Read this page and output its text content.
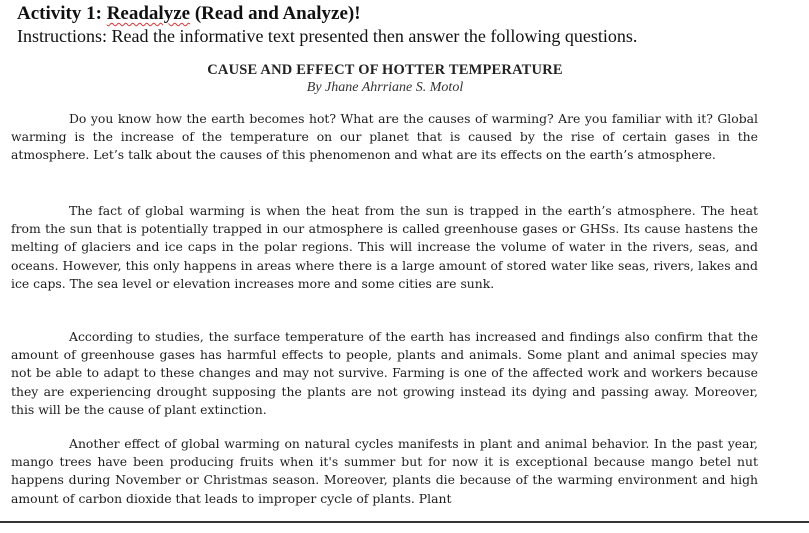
Activity 1: Readalyze (Read and Analyze)!
Instructions: Read the informative text presented then answer the following questions.
CAUSE AND EFFECT OF HOTTER TEMPERATURE
By Jhane Ahrriane S. Motol

Do you know how the earth becomes hot? What are the causes of warming? Are you familiar with it? Global warming is the increase of the temperature on our planet that is caused by the rise of certain gases in the atmosphere. Let’s talk about the causes of this phenomenon and what are its effects on the earth’s atmosphere.

The fact of global warming is when the heat from the sun is trapped in the earth’s atmosphere. The heat from the sun that is potentially trapped in our atmosphere is called greenhouse gases or GHSs. Its cause hastens the melting of glaciers and ice caps in the polar regions. This will increase the volume of water in the rivers, seas, and oceans. However, this only happens in areas where there is a large amount of stored water like seas, rivers, lakes and ice caps. The sea level or elevation increases more and some cities are sunk.

According to studies, the surface temperature of the earth has increased and findings also confirm that the amount of greenhouse gases has harmful effects to people, plants and animals. Some plant and animal species may not be able to adapt to these changes and may not survive. Farming is one of the affected work and workers because they are experiencing drought supposing the plants are not growing instead its dying and passing away. Moreover, this will be the cause of plant extinction.

Another effect of global warming on natural cycles manifests in plant and animal behavior. In the past year, mango trees have been producing fruits when it's summer but for now it is exceptional because mango betel nut happens during November or Christmas season. Moreover, plants die because of the warming environment and high amount of carbon dioxide that leads to improper cycle of plants. Plant
